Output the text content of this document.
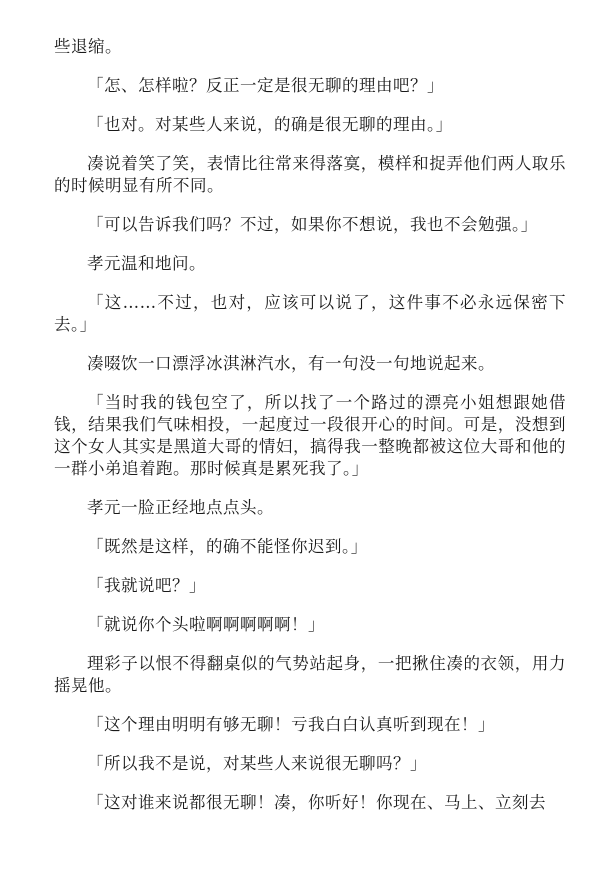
些退缩。

「怎、怎样啦？反正一定是很无聊的理由吧？」

「也对。对某些人来说，的确是很无聊的理由。」

凑说着笑了笑，表情比往常来得落寞，模样和捉弄他们两人取乐的时候明显有所不同。

「可以告诉我们吗？不过，如果你不想说，我也不会勉强。」

孝元温和地问。

「这……不过，也对，应该可以说了，这件事不必永远保密下去。」

凑啜饮一口漂浮冰淇淋汽水，有一句没一句地说起来。

「当时我的钱包空了，所以找了一个路过的漂亮小姐想跟她借钱，结果我们气味相投，一起度过一段很开心的时间。可是，没想到这个女人其实是黑道大哥的情妇，搞得我一整晚都被这位大哥和他的一群小弟追着跑。那时候真是累死我了。」

孝元一脸正经地点点头。

「既然是这样，的确不能怪你迟到。」

「我就说吧？」

「就说你个头啦啊啊啊啊啊！」

理彩子以恨不得翻桌似的气势站起身，一把揪住凑的衣领，用力摇晃他。

「这个理由明明有够无聊！亏我白白认真听到现在！」

「所以我不是说，对某些人来说很无聊吗？」

「这对谁来说都很无聊！凑，你听好！你现在、马上、立刻去
